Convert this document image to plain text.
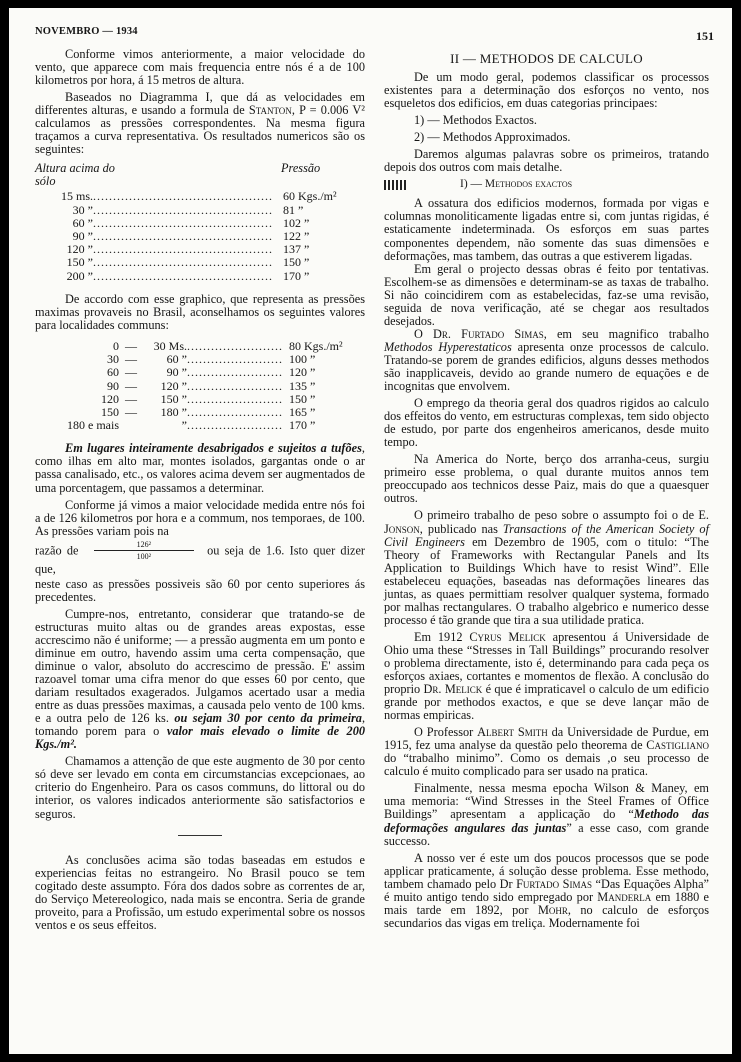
NOVEMBRO — 1934	151

Conforme vimos anteriormente, a maior velocidade do vento, que apparece com mais frequencia entre nós é a de 100 kilometros por hora, á 15 metros de altura.

Baseados no Diagramma I, que dá as velocidades em differentes alturas, e usando a formula de Stanton, P = 0.006 V² calculamos as pressões correspondentes. Na mesma figura traçamos a curva representativa. Os resultados numericos são os seguintes:

Altura acima do sólo
Pressão
15 ms.	.............................................	60 Kgs./m²
30 ”	.............................................	81 ”
60 ”	.............................................	102 ”
90 ”	.............................................	122 ”
120 ”	.............................................	137 ”
150 ”	.............................................	150 ”
200 ”	.............................................	170 ”

De accordo com esse graphico, que representa as pressões maximas provaveis no Brasil, aconselhamos os seguintes valores para localidades communs:

0	—	30 Ms.	........................	80 Kgs./m²
30	—	60 ”	........................	100 ”
60	—	90 ”	........................	120 ”
90	—	120 ”	........................	135 ”
120	—	150 ”	........................	150 ”
150	—	180 ”	........................	165 ”
180 e mais		”	........................	170 ”

Em lugares inteiramente desabrigados e sujeitos a tufões, como ilhas em alto mar, montes isolados, gargantas onde o ar passa canalisado, etc., os valores acima devem ser augmentados de uma porcentagem, que passamos a determinar.

Conforme já vimos a maior velocidade medida entre nós foi a de 126 kilometros por hora e a commum, nos temporaes, de 100. As pressões variam pois na

razão de $\frac{\text{126²}}{\text{100²}}$ ou seja de 1.6. Isto quer dizer que,

neste caso as pressões possiveis são 60 por cento superiores ás precedentes.

Cumpre-nos, entretanto, considerar que tratando-se de estructuras muito altas ou de grandes areas expostas, esse accrescimo não é uniforme; — a pressão augmenta em um ponto e diminue em outro, havendo assim uma certa compensação, que diminue o valor, absoluto do accrescimo de pressão. E' assim razoavel tomar uma cifra menor do que esses 60 por cento, que dariam resultados exagerados. Julgamos acertado usar a media entre as duas pressões maximas, a causada pelo vento de 100 kms. e a outra pelo de 126 ks. ou sejam 30 por cento da primeira, tomando porem para o valor mais elevado o limite de 200 Kgs./m².

Chamamos a attenção de que este augmento de 30 por cento só deve ser levado em conta em circumstancias excepcionaes, ao criterio do Engenheiro. Para os casos communs, do littoral ou do interior, os valores indicados anteriormente são satisfactorios e seguros.

As conclusões acima são todas baseadas em estudos e experiencias feitas no estrangeiro. No Brasil pouco se tem cogitado deste assumpto. Fóra dos dados sobre as correntes de ar, do Serviço Metereologico, nada mais se encontra. Seria de grande proveito, para a Profissão, um estudo experimental sobre os nossos ventos e os seus effeitos.

II — METHODOS DE CALCULO

De um modo geral, podemos classificar os processos existentes para a determinação dos esforços no vento, nos esqueletos dos edificios, em duas categorias principaes:

1) — Methodos Exactos.

2) — Methodos Approximados.

Daremos algumas palavras sobre os primeiros, tratando depois dos outros com mais detalhe.

I) — Methodos exactos

A ossatura dos edificios modernos, formada por vigas e columnas monoliticamente ligadas entre si, com juntas rigidas, é estaticamente indeterminada. Os esforços em suas partes componentes dependem, não somente das suas dimensões e deformações, mas tambem, das outras a que estiverem ligadas.

Em geral o projecto dessas obras é feito por tentativas. Escolhem-se as dimensões e determinam-se as taxas de trabalho. Si não coincidirem com as estabelecidas, faz-se uma revisão, seguida de nova verificação, até se chegar aos resultados desejados.

O Dr. Furtado Simas, em seu magnifico trabalho Methodos Hyperestaticos apresenta onze processos de calculo. Tratando-se porem de grandes edificios, alguns desses methodos são inapplicaveis, devido ao grande numero de equações e de incognitas que envolvem.

O emprego da theoria geral dos quadros rigidos ao calculo dos effeitos do vento, em estructuras complexas, tem sido objecto de estudo, por parte dos engenheiros americanos, desde muito tempo.

Na America do Norte, berço dos arranha-ceus, surgiu primeiro esse problema, o qual durante muitos annos tem preoccupado aos technicos desse Paiz, mais do que a quaesquer outros.

O primeiro trabalho de peso sobre o assumpto foi o de E. Jonson, publicado nas Transactions of the American Society of Civil Engineers em Dezembro de 1905, com o titulo: “The Theory of Frameworks with Rectangular Panels and Its Application to Buildings Which have to resist Wind”. Elle estabeleceu equações, baseadas nas deformações lineares das juntas, as quaes permittiam resolver qualquer systema, formado por malhas rectangulares. O trabalho algebrico e numerico desse processo é tão grande que tira a sua utilidade pratica.

Em 1912 Cyrus Melick apresentou á Universidade de Ohio uma these “Stresses in Tall Buildings” procurando resolver o problema directamente, isto é, determinando para cada peça os esforços axiaes, cortantes e momentos de flexão. A conclusão do proprio Dr. Melick é que é impraticavel o calculo de um edificio grande por methodos exactos, e que se deve lançar mão de normas empiricas.

O Professor Albert Smith da Universidade de Purdue, em 1915, fez uma analyse da questão pelo theorema de Castigliano do “trabalho minimo”. Como os demais ,o seu processo de calculo é muito complicado para ser usado na pratica.

Finalmente, nessa mesma epocha Wilson & Maney, em uma memoria: “Wind Stresses in the Steel Frames of Office Buildings” apresentam a applicação do “Methodo das deformações angulares das juntas” a esse caso, com grande successo.

A nosso ver é este um dos poucos processos que se pode applicar praticamente, á solução desse problema. Esse methodo, tambem chamado pelo Dr Furtado Simas “Das Equações Alpha” é muito antigo tendo sido empregado por Manderla em 1880 e mais tarde em 1892, por Mohr, no calculo de esforços secundarios das vigas em treliça. Modernamente foi
